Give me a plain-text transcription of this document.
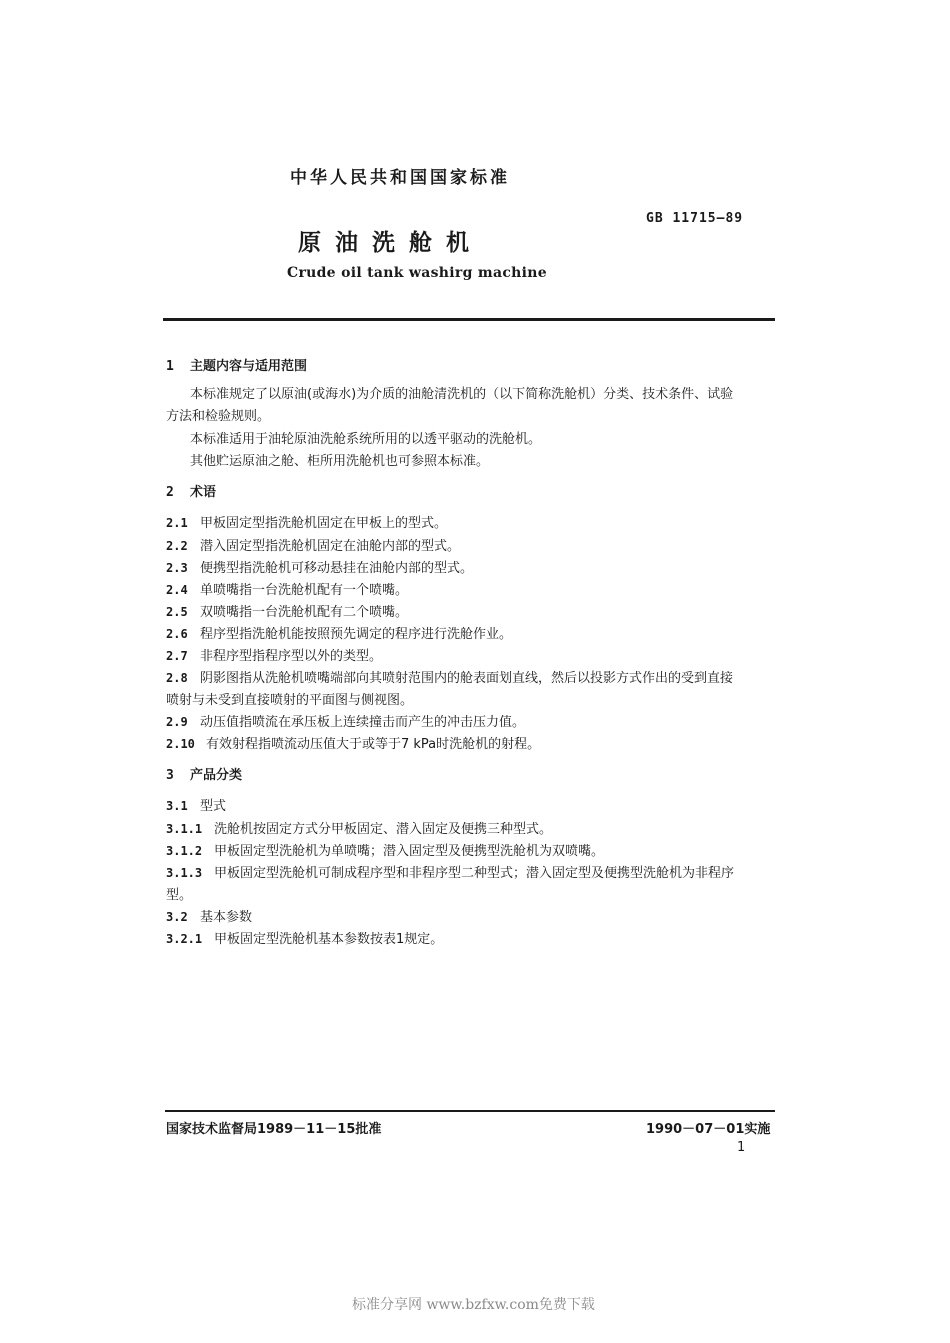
中华人民共和国国家标准
原油洗舱机
GB 11715—89
Crude oil tank washirg machine
1 主题内容与适用范围
本标准规定了以原油(或海水)为介质的油舱清洗机的（以下简称洗舱机）分类、技术条件、试验
方法和检验规则。
本标准适用于油轮原油洗舱系统所用的以透平驱动的洗舱机。
其他贮运原油之舱、柜所用洗舱机也可参照本标准。
2 术语
2.1 甲板固定型指洗舱机固定在甲板上的型式。
2.2 潜入固定型指洗舱机固定在油舱内部的型式。
2.3 便携型指洗舱机可移动悬挂在油舱内部的型式。
2.4 单喷嘴指一台洗舱机配有一个喷嘴。
2.5 双喷嘴指一台洗舱机配有二个喷嘴。
2.6 程序型指洗舱机能按照预先调定的程序进行洗舱作业。
2.7 非程序型指程序型以外的类型。
2.8 阴影图指从洗舱机喷嘴端部向其喷射范围内的舱表面划直线，然后以投影方式作出的受到直接
喷射与未受到直接喷射的平面图与侧视图。
2.9 动压值指喷流在承压板上连续撞击而产生的冲击压力值。
2.10 有效射程指喷流动压值大于或等于7 kPa时洗舱机的射程。
3 产品分类
3.1 型式
3.1.1 洗舱机按固定方式分甲板固定、潜入固定及便携三种型式。
3.1.2 甲板固定型洗舱机为单喷嘴；潜入固定型及便携型洗舱机为双喷嘴。
3.1.3 甲板固定型洗舱机可制成程序型和非程序型二种型式；潜入固定型及便携型洗舱机为非程序
型。
3.2 基本参数
3.2.1 甲板固定型洗舱机基本参数按表1规定。
国家技术监督局1989－11－15批准	1990－07－01实施
1
标准分享网 www.bzfxw.com免费下载
